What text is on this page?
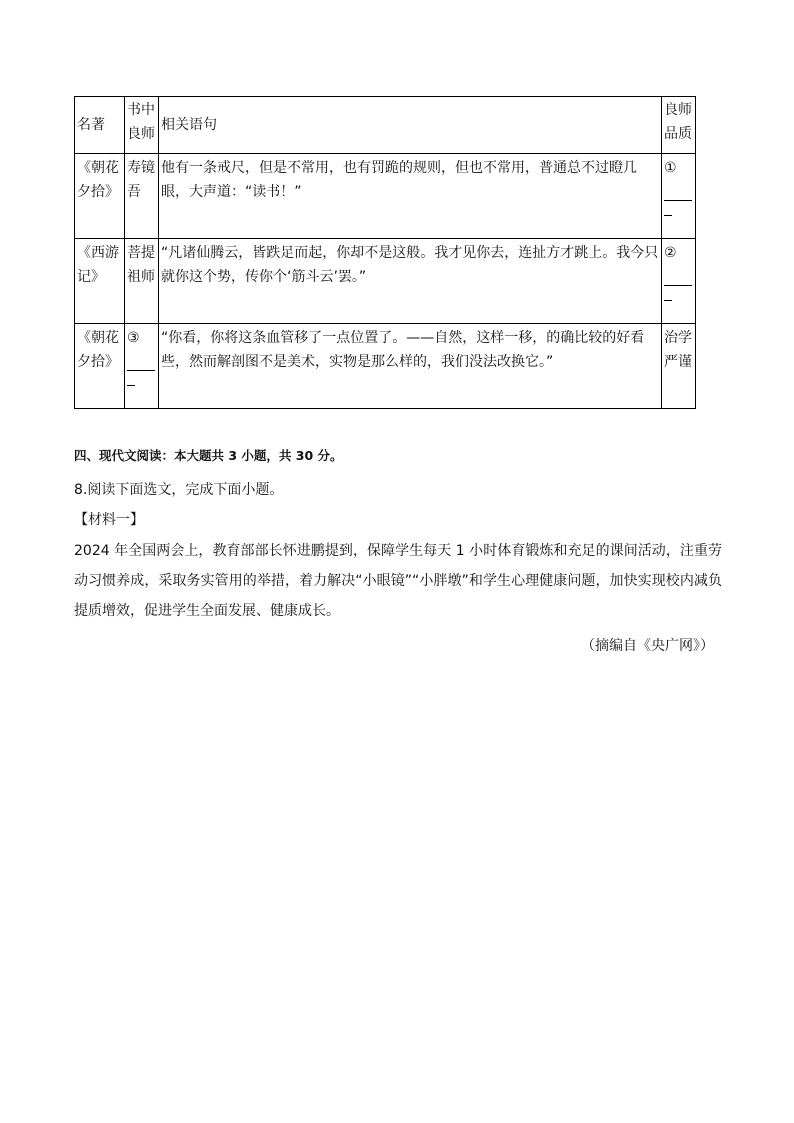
名著	书中良师	相关语句	良师品质
《朝花夕拾》	寿镜吾	他有一条戒尺，但是不常用，也有罚跪的规则，但也不常用，普通总不过瞪几眼，大声道：“读书！”	①

《西游记》	菩提祖师	“凡诸仙腾云，皆跌足而起，你却不是这般。我才见你去，连扯方才跳上。我今只就你这个势，传你个‘筋斗云’罢。”	②

《朝花夕拾》	③	“你看，你将这条血管移了一点位置了。——自然，这样一移，的确比较的好看些，然而解剖图不是美术，实物是那么样的，我们没法改换它。”	治学严谨
四、现代文阅读：本大题共 3 小题，共 30 分。
8.阅读下面选文，完成下面小题。
【材料一】
2024 年全国两会上，教育部部长怀进鹏提到，保障学生每天 1 小时体育锻炼和充足的课间活动，注重劳动习惯养成，采取务实管用的举措，着力解决“小眼镜”“小胖墩”和学生心理健康问题，加快实现校内减负提质增效，促进学生全面发展、健康成长。
（摘编自《央广网》）
